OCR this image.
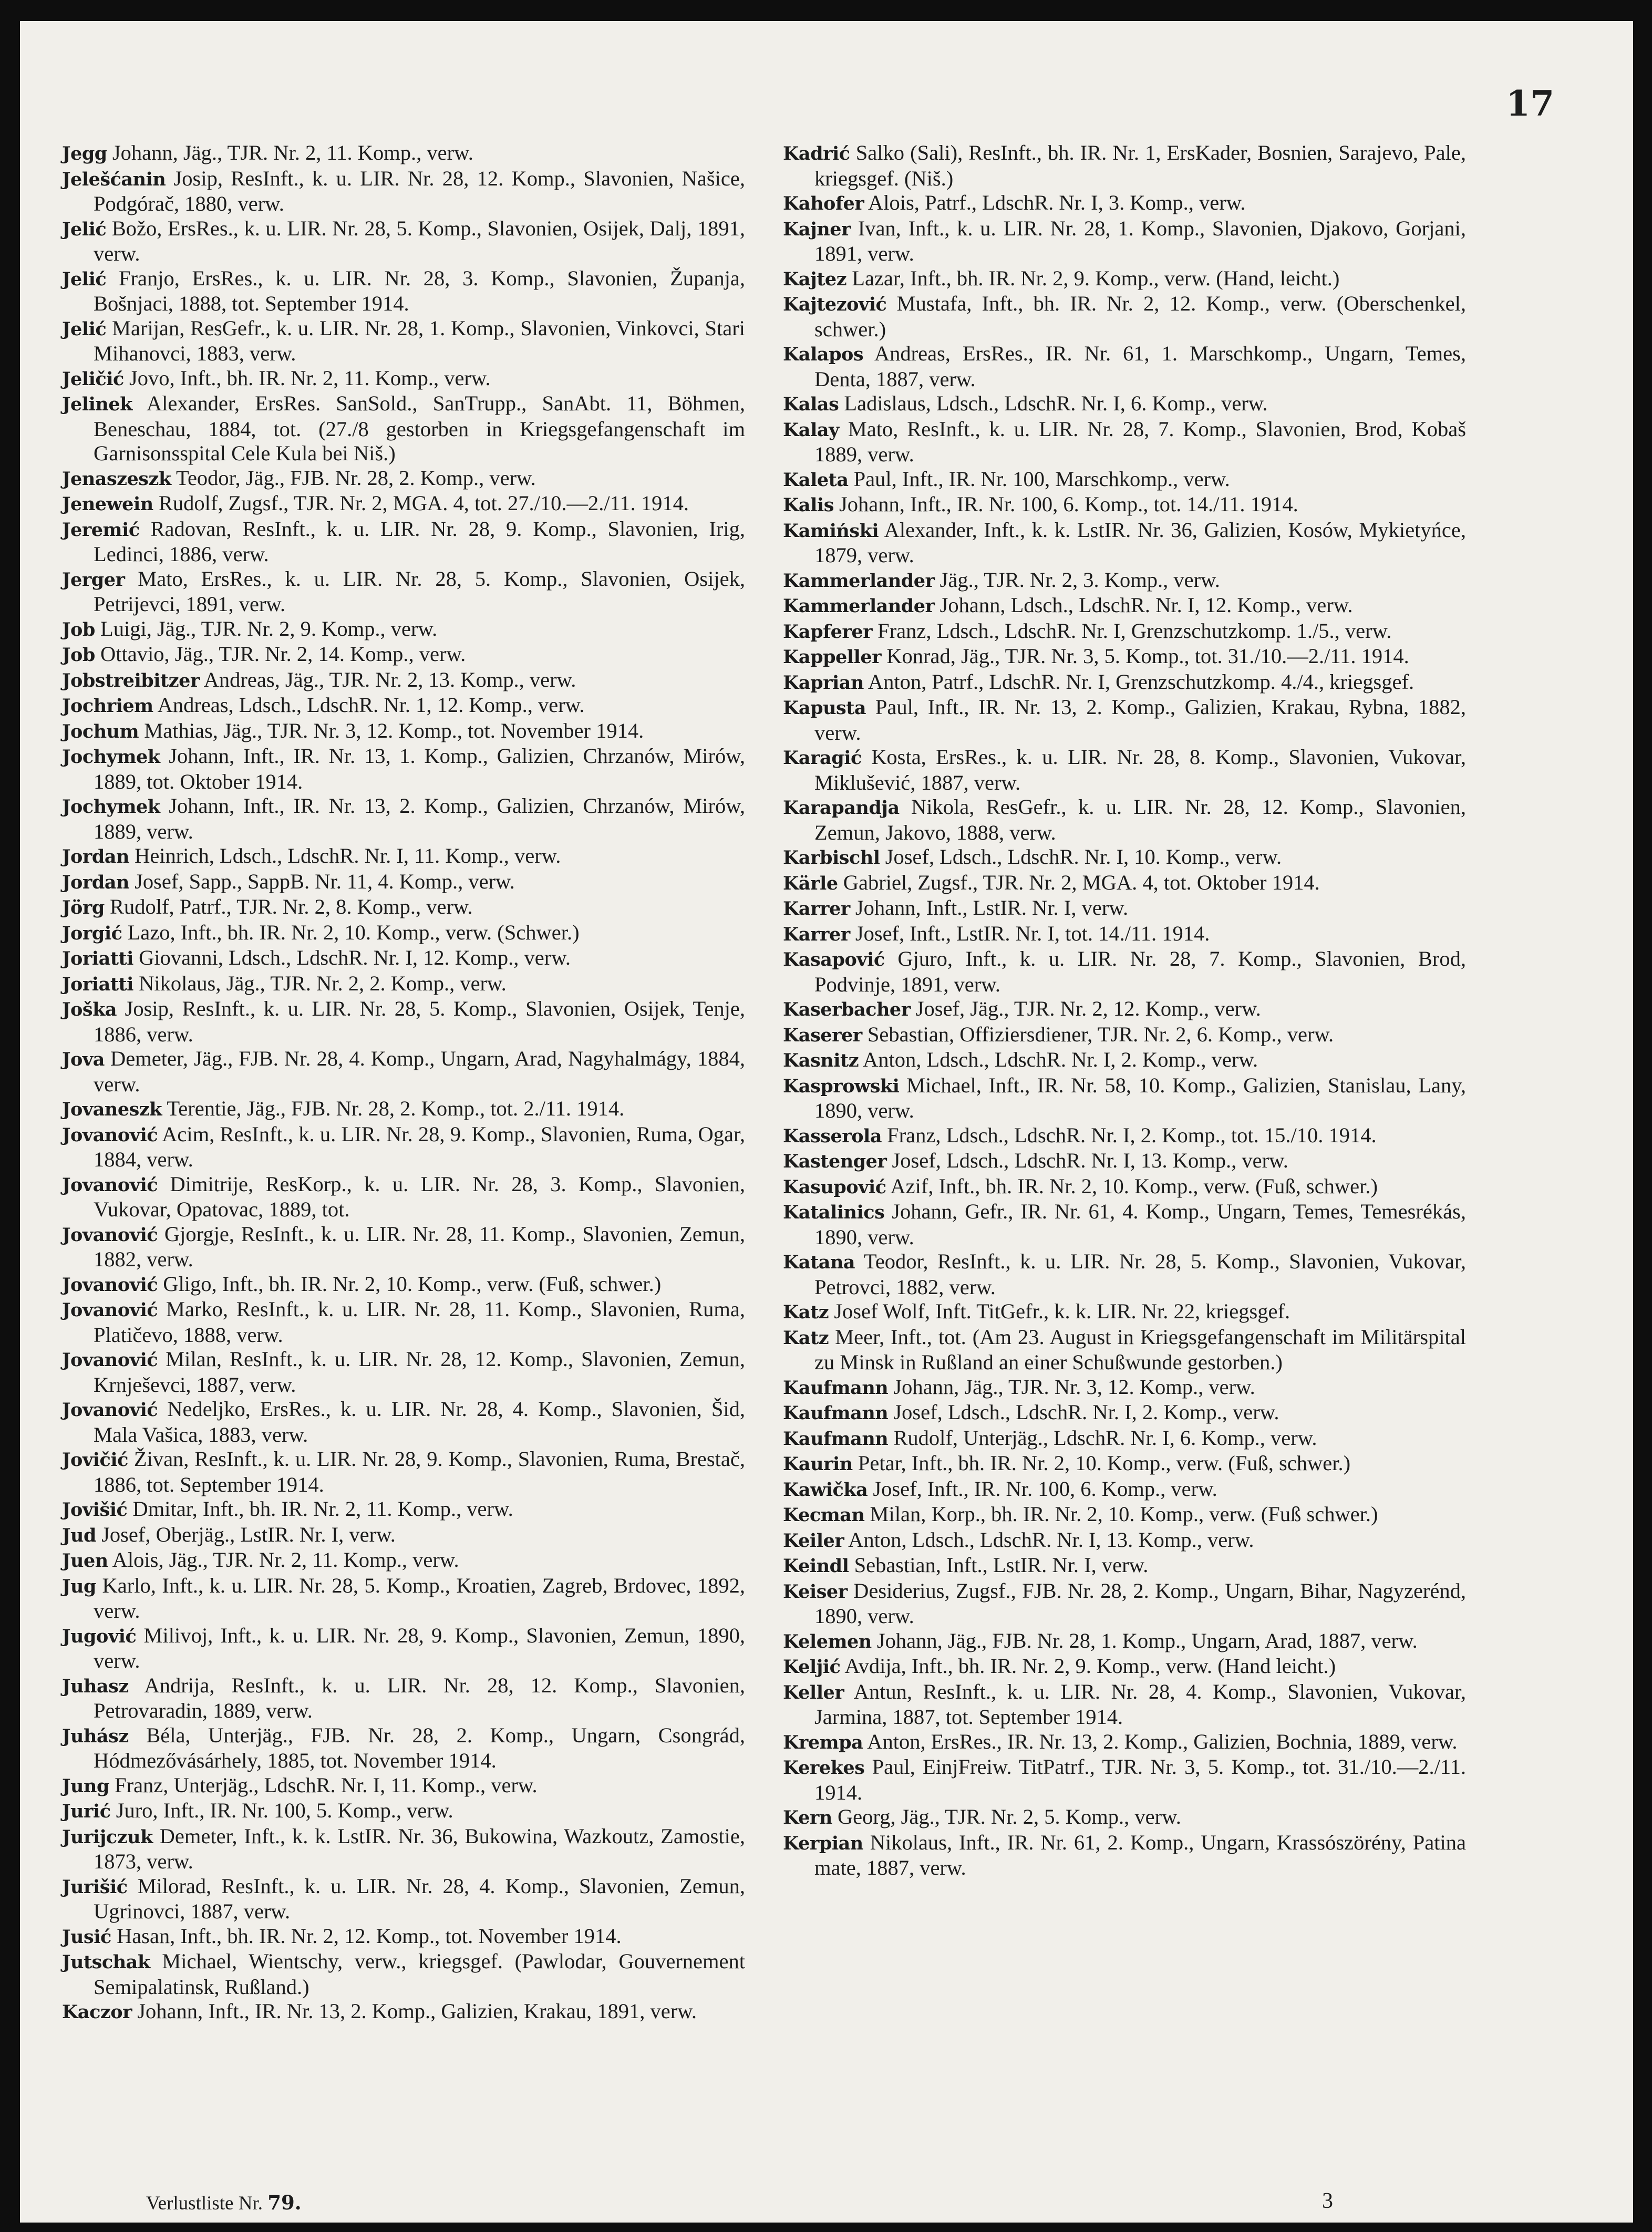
17
Jegg Johann, Jäg., TJR. Nr. 2, 11. Komp., verw.
Jelešćanin Josip, ResInft., k. u. LIR. Nr. 28, 12. Komp., Slavonien, Našice, Podgórač, 1880, verw.
Jelić Božo, ErsRes., k. u. LIR. Nr. 28, 5. Komp., Slavonien, Osijek, Dalj, 1891, verw.
Jelić Franjo, ErsRes., k. u. LIR. Nr. 28, 3. Komp., Slavonien, Županja, Bošnjaci, 1888, tot. September 1914.
Jelić Marijan, ResGefr., k. u. LIR. Nr. 28, 1. Komp., Slavonien, Vinkovci, Stari Mihanovci, 1883, verw.
Jeličić Jovo, Inft., bh. IR. Nr. 2, 11. Komp., verw.
Jelinek Alexander, ErsRes. SanSold., SanTrupp., SanAbt. 11, Böhmen, Beneschau, 1884, tot. (27./8 gestorben in Kriegsgefangenschaft im Garnisonsspital Cele Kula bei Niš.)
Jenaszeszk Teodor, Jäg., FJB. Nr. 28, 2. Komp., verw.
Jenewein Rudolf, Zugsf., TJR. Nr. 2, MGA. 4, tot. 27./10.—2./11. 1914.
Jeremić Radovan, ResInft., k. u. LIR. Nr. 28, 9. Komp., Slavonien, Irig, Ledinci, 1886, verw.
Jerger Mato, ErsRes., k. u. LIR. Nr. 28, 5. Komp., Slavonien, Osijek, Petrijevci, 1891, verw.
Job Luigi, Jäg., TJR. Nr. 2, 9. Komp., verw.
Job Ottavio, Jäg., TJR. Nr. 2, 14. Komp., verw.
Jobstreibitzer Andreas, Jäg., TJR. Nr. 2, 13. Komp., verw.
Jochriem Andreas, Ldsch., LdschR. Nr. 1, 12. Komp., verw.
Jochum Mathias, Jäg., TJR. Nr. 3, 12. Komp., tot. November 1914.
Jochymek Johann, Inft., IR. Nr. 13, 1. Komp., Galizien, Chrzanów, Mirów, 1889, tot. Oktober 1914.
Jochymek Johann, Inft., IR. Nr. 13, 2. Komp., Galizien, Chrzanów, Mirów, 1889, verw.
Jordan Heinrich, Ldsch., LdschR. Nr. I, 11. Komp., verw.
Jordan Josef, Sapp., SappB. Nr. 11, 4. Komp., verw.
Jörg Rudolf, Patrf., TJR. Nr. 2, 8. Komp., verw.
Jorgić Lazo, Inft., bh. IR. Nr. 2, 10. Komp., verw. (Schwer.)
Joriatti Giovanni, Ldsch., LdschR. Nr. I, 12. Komp., verw.
Joriatti Nikolaus, Jäg., TJR. Nr. 2, 2. Komp., verw.
Joška Josip, ResInft., k. u. LIR. Nr. 28, 5. Komp., Slavonien, Osijek, Tenje, 1886, verw.
Jova Demeter, Jäg., FJB. Nr. 28, 4. Komp., Ungarn, Arad, Nagyhalmágy, 1884, verw.
Jovaneszk Terentie, Jäg., FJB. Nr. 28, 2. Komp., tot. 2./11. 1914.
Jovanović Acim, ResInft., k. u. LIR. Nr. 28, 9. Komp., Slavonien, Ruma, Ogar, 1884, verw.
Jovanović Dimitrije, ResKorp., k. u. LIR. Nr. 28, 3. Komp., Slavonien, Vukovar, Opatovac, 1889, tot.
Jovanović Gjorgje, ResInft., k. u. LIR. Nr. 28, 11. Komp., Slavonien, Zemun, 1882, verw.
Jovanović Gligo, Inft., bh. IR. Nr. 2, 10. Komp., verw. (Fuß, schwer.)
Jovanović Marko, ResInft., k. u. LIR. Nr. 28, 11. Komp., Slavonien, Ruma, Platičevo, 1888, verw.
Jovanović Milan, ResInft., k. u. LIR. Nr. 28, 12. Komp., Slavonien, Zemun, Krnješevci, 1887, verw.
Jovanović Nedeljko, ErsRes., k. u. LIR. Nr. 28, 4. Komp., Slavonien, Šid, Mala Vašica, 1883, verw.
Jovičić Živan, ResInft., k. u. LIR. Nr. 28, 9. Komp., Slavonien, Ruma, Brestač, 1886, tot. September 1914.
Jovišić Dmitar, Inft., bh. IR. Nr. 2, 11. Komp., verw.
Jud Josef, Oberjäg., LstIR. Nr. I, verw.
Juen Alois, Jäg., TJR. Nr. 2, 11. Komp., verw.
Jug Karlo, Inft., k. u. LIR. Nr. 28, 5. Komp., Kroatien, Zagreb, Brdovec, 1892, verw.
Jugović Milivoj, Inft., k. u. LIR. Nr. 28, 9. Komp., Slavonien, Zemun, 1890, verw.
Juhasz Andrija, ResInft., k. u. LIR. Nr. 28, 12. Komp., Slavonien, Petrovaradin, 1889, verw.
Juhász Béla, Unterjäg., FJB. Nr. 28, 2. Komp., Ungarn, Csongrád, Hódmezővásárhely, 1885, tot. November 1914.
Jung Franz, Unterjäg., LdschR. Nr. I, 11. Komp., verw.
Jurić Juro, Inft., IR. Nr. 100, 5. Komp., verw.
Jurijczuk Demeter, Inft., k. k. LstIR. Nr. 36, Bukowina, Wazkoutz, Zamostie, 1873, verw.
Jurišić Milorad, ResInft., k. u. LIR. Nr. 28, 4. Komp., Slavonien, Zemun, Ugrinovci, 1887, verw.
Jusić Hasan, Inft., bh. IR. Nr. 2, 12. Komp., tot. November 1914.
Jutschak Michael, Wientschy, verw., kriegsgef. (Pawlodar, Gouvernement Semipalatinsk, Rußland.)
Kaczor Johann, Inft., IR. Nr. 13, 2. Komp., Galizien, Krakau, 1891, verw.
Kadrić Salko (Sali), ResInft., bh. IR. Nr. 1, ErsKader, Bosnien, Sarajevo, Pale, kriegsgef. (Niš.)
Kahofer Alois, Patrf., LdschR. Nr. I, 3. Komp., verw.
Kajner Ivan, Inft., k. u. LIR. Nr. 28, 1. Komp., Slavonien, Djakovo, Gorjani, 1891, verw.
Kajtez Lazar, Inft., bh. IR. Nr. 2, 9. Komp., verw. (Hand, leicht.)
Kajtezović Mustafa, Inft., bh. IR. Nr. 2, 12. Komp., verw. (Oberschenkel, schwer.)
Kalapos Andreas, ErsRes., IR. Nr. 61, 1. Marschkomp., Ungarn, Temes, Denta, 1887, verw.
Kalas Ladislaus, Ldsch., LdschR. Nr. I, 6. Komp., verw.
Kalay Mato, ResInft., k. u. LIR. Nr. 28, 7. Komp., Slavonien, Brod, Kobaš 1889, verw.
Kaleta Paul, Inft., IR. Nr. 100, Marschkomp., verw.
Kalis Johann, Inft., IR. Nr. 100, 6. Komp., tot. 14./11. 1914.
Kamiński Alexander, Inft., k. k. LstIR. Nr. 36, Galizien, Kosów, Mykietyńce, 1879, verw.
Kammerlander Jäg., TJR. Nr. 2, 3. Komp., verw.
Kammerlander Johann, Ldsch., LdschR. Nr. I, 12. Komp., verw.
Kapferer Franz, Ldsch., LdschR. Nr. I, Grenzschutzkomp. 1./5., verw.
Kappeller Konrad, Jäg., TJR. Nr. 3, 5. Komp., tot. 31./10.—2./11. 1914.
Kaprian Anton, Patrf., LdschR. Nr. I, Grenzschutzkomp. 4./4., kriegsgef.
Kapusta Paul, Inft., IR. Nr. 13, 2. Komp., Galizien, Krakau, Rybna, 1882, verw.
Karagić Kosta, ErsRes., k. u. LIR. Nr. 28, 8. Komp., Slavonien, Vukovar, Miklušević, 1887, verw.
Karapandja Nikola, ResGefr., k. u. LIR. Nr. 28, 12. Komp., Slavonien, Zemun, Jakovo, 1888, verw.
Karbischl Josef, Ldsch., LdschR. Nr. I, 10. Komp., verw.
Kärle Gabriel, Zugsf., TJR. Nr. 2, MGA. 4, tot. Oktober 1914.
Karrer Johann, Inft., LstIR. Nr. I, verw.
Karrer Josef, Inft., LstIR. Nr. I, tot. 14./11. 1914.
Kasapović Gjuro, Inft., k. u. LIR. Nr. 28, 7. Komp., Slavonien, Brod, Podvinje, 1891, verw.
Kaserbacher Josef, Jäg., TJR. Nr. 2, 12. Komp., verw.
Kaserer Sebastian, Offiziersdiener, TJR. Nr. 2, 6. Komp., verw.
Kasnitz Anton, Ldsch., LdschR. Nr. I, 2. Komp., verw.
Kasprowski Michael, Inft., IR. Nr. 58, 10. Komp., Galizien, Stanislau, Lany, 1890, verw.
Kasserola Franz, Ldsch., LdschR. Nr. I, 2. Komp., tot. 15./10. 1914.
Kastenger Josef, Ldsch., LdschR. Nr. I, 13. Komp., verw.
Kasupović Azif, Inft., bh. IR. Nr. 2, 10. Komp., verw. (Fuß, schwer.)
Katalinics Johann, Gefr., IR. Nr. 61, 4. Komp., Ungarn, Temes, Temesrékás, 1890, verw.
Katana Teodor, ResInft., k. u. LIR. Nr. 28, 5. Komp., Slavonien, Vukovar, Petrovci, 1882, verw.
Katz Josef Wolf, Inft. TitGefr., k. k. LIR. Nr. 22, kriegsgef.
Katz Meer, Inft., tot. (Am 23. August in Kriegsgefangenschaft im Militärspital zu Minsk in Rußland an einer Schußwunde gestorben.)
Kaufmann Johann, Jäg., TJR. Nr. 3, 12. Komp., verw.
Kaufmann Josef, Ldsch., LdschR. Nr. I, 2. Komp., verw.
Kaufmann Rudolf, Unterjäg., LdschR. Nr. I, 6. Komp., verw.
Kaurin Petar, Inft., bh. IR. Nr. 2, 10. Komp., verw. (Fuß, schwer.)
Kawička Josef, Inft., IR. Nr. 100, 6. Komp., verw.
Kecman Milan, Korp., bh. IR. Nr. 2, 10. Komp., verw. (Fuß schwer.)
Keiler Anton, Ldsch., LdschR. Nr. I, 13. Komp., verw.
Keindl Sebastian, Inft., LstIR. Nr. I, verw.
Keiser Desiderius, Zugsf., FJB. Nr. 28, 2. Komp., Ungarn, Bihar, Nagyzerénd, 1890, verw.
Kelemen Johann, Jäg., FJB. Nr. 28, 1. Komp., Ungarn, Arad, 1887, verw.
Keljić Avdija, Inft., bh. IR. Nr. 2, 9. Komp., verw. (Hand leicht.)
Keller Antun, ResInft., k. u. LIR. Nr. 28, 4. Komp., Slavonien, Vukovar, Jarmina, 1887, tot. September 1914.
Krempa Anton, ErsRes., IR. Nr. 13, 2. Komp., Galizien, Bochnia, 1889, verw.
Kerekes Paul, EinjFreiw. TitPatrf., TJR. Nr. 3, 5. Komp., tot. 31./10.—2./11. 1914.
Kern Georg, Jäg., TJR. Nr. 2, 5. Komp., verw.
Kerpian Nikolaus, Inft., IR. Nr. 61, 2. Komp., Ungarn, Krassószörény, Patina mate, 1887, verw.
Verlustliste Nr. 79.	3
